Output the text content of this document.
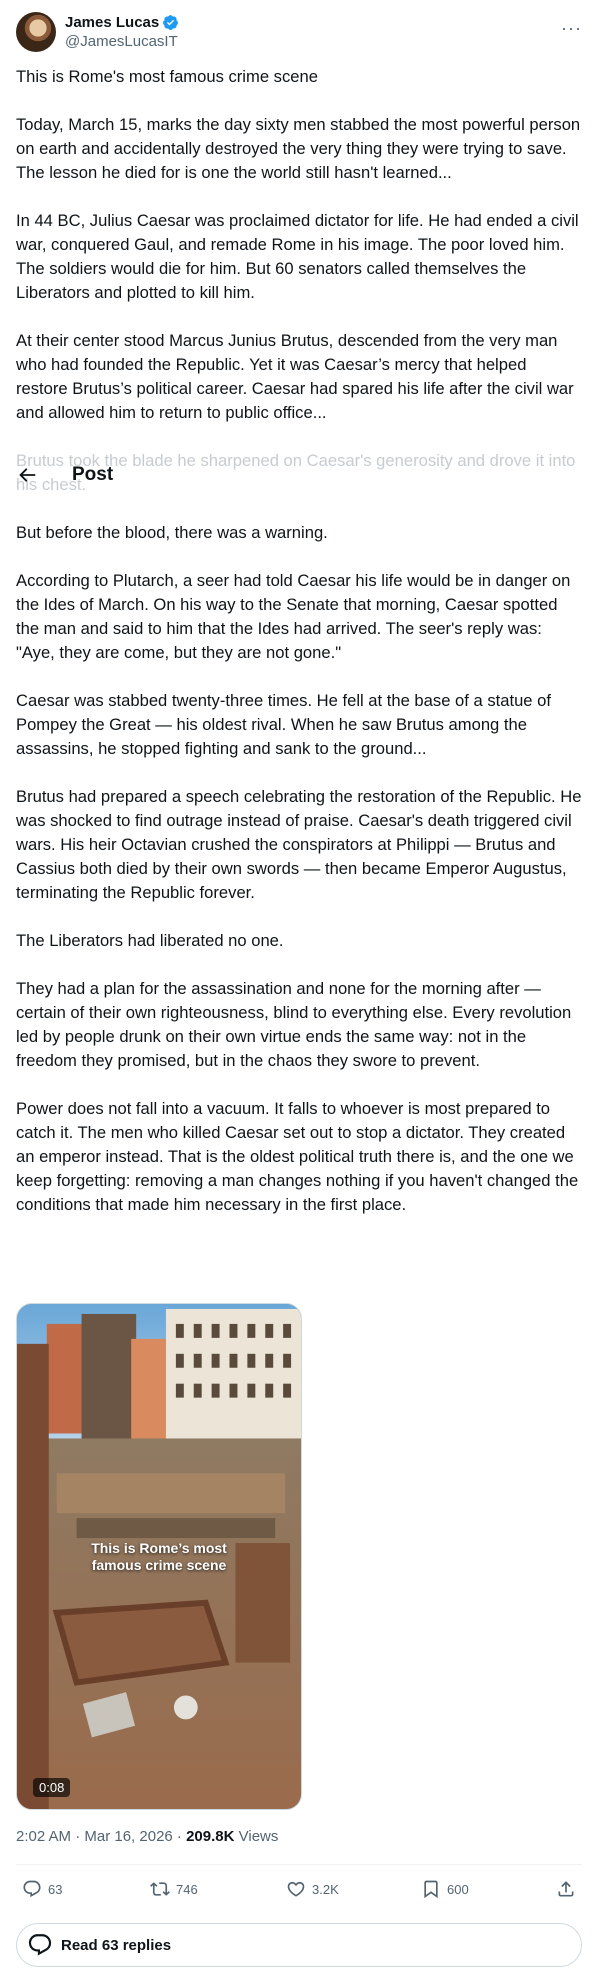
James Lucas
@JamesLucasIT
···

This is Rome's most famous crime scene

Today, March 15, marks the day sixty men stabbed the most powerful person on earth and accidentally destroyed the very thing they were trying to save. The lesson he died for is one the world still hasn't learned...

In 44 BC, Julius Caesar was proclaimed dictator for life. He had ended a civil war, conquered Gaul, and remade Rome in his image. The poor loved him. The soldiers would die for him. But 60 senators called themselves the Liberators and plotted to kill him.

At their center stood Marcus Junius Brutus, descended from the very man who had founded the Republic. Yet it was Caesar’s mercy that helped restore Brutus’s political career. Caesar had spared his life after the civil war and allowed him to return to public office...

Brutus took the blade he sharpened on Caesar's generosity and drove it into his chest.

But before the blood, there was a warning.

According to Plutarch, a seer had told Caesar his life would be in danger on the Ides of March. On his way to the Senate that morning, Caesar spotted the man and said to him that the Ides had arrived. The seer's reply was: "Aye, they are come, but they are not gone."

Caesar was stabbed twenty-three times. He fell at the base of a statue of Pompey the Great — his oldest rival. When he saw Brutus among the assassins, he stopped fighting and sank to the ground...

Brutus had prepared a speech celebrating the restoration of the Republic. He was shocked to find outrage instead of praise. Caesar's death triggered civil wars. His heir Octavian crushed the conspirators at Philippi — Brutus and Cassius both died by their own swords — then became Emperor Augustus, terminating the Republic forever.

The Liberators had liberated no one.

They had a plan for the assassination and none for the morning after — certain of their own righteousness, blind to everything else. Every revolution led by people drunk on their own virtue ends the same way: not in the freedom they promised, but in the chaos they swore to prevent.

Power does not fall into a vacuum. It falls to whoever is most prepared to catch it. The men who killed Caesar set out to stop a dictator. They created an emperor instead. That is the oldest political truth there is, and the one we keep forgetting: removing a man changes nothing if you haven't changed the conditions that made him necessary in the first place.

Post
This is Rome’s most
famous crime scene
0:08
2:02 AM · Mar 16, 2026 · 209.8K Views
63	746	3.2K	600
Read 63 replies
